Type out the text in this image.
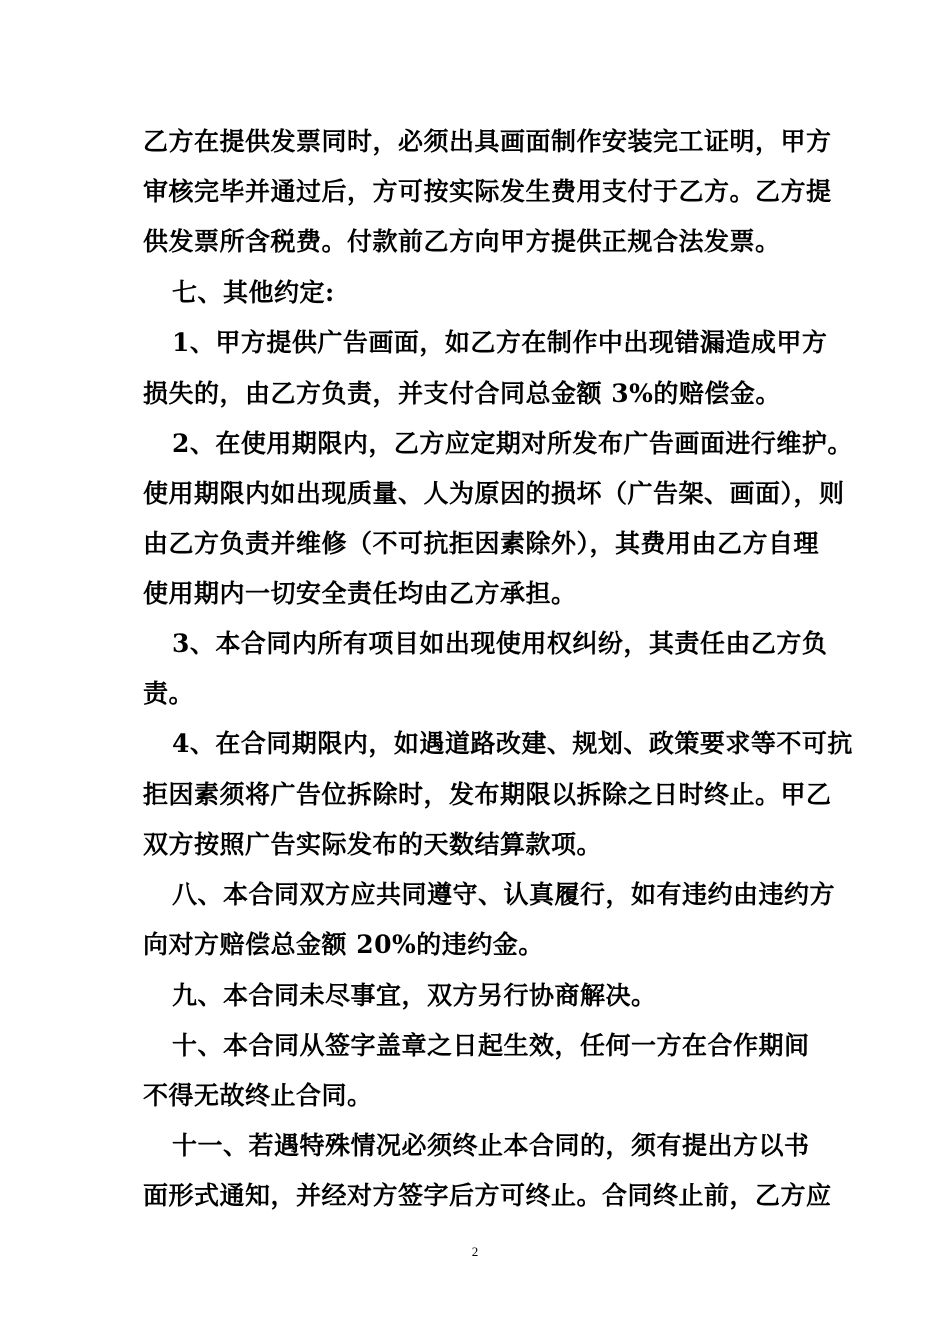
乙方在提供发票同时，必须出具画面制作安装完工证明，甲方
审核完毕并通过后，方可按实际发生费用支付于乙方。乙方提
供发票所含税费。付款前乙方向甲方提供正规合法发票。
七、其他约定:
1、甲方提供广告画面，如乙方在制作中出现错漏造成甲方
损失的，由乙方负责，并支付合同总金额 3%的赔偿金。
2、在使用期限内，乙方应定期对所发布广告画面进行维护。
使用期限内如出现质量、人为原因的损坏（广告架、画面），则
由乙方负责并维修（不可抗拒因素除外），其费用由乙方自理
使用期内一切安全责任均由乙方承担。
3、本合同内所有项目如出现使用权纠纷，其责任由乙方负
责。
4、在合同期限内，如遇道路改建、规划、政策要求等不可抗
拒因素须将广告位拆除时，发布期限以拆除之日时终止。甲乙
双方按照广告实际发布的天数结算款项。
八、本合同双方应共同遵守、认真履行，如有违约由违约方
向对方赔偿总金额 20%的违约金。
九、本合同未尽事宜，双方另行协商解决。
十、本合同从签字盖章之日起生效，任何一方在合作期间
不得无故终止合同。
十一、若遇特殊情况必须终止本合同的，须有提出方以书
面形式通知，并经对方签字后方可终止。合同终止前，乙方应
2
